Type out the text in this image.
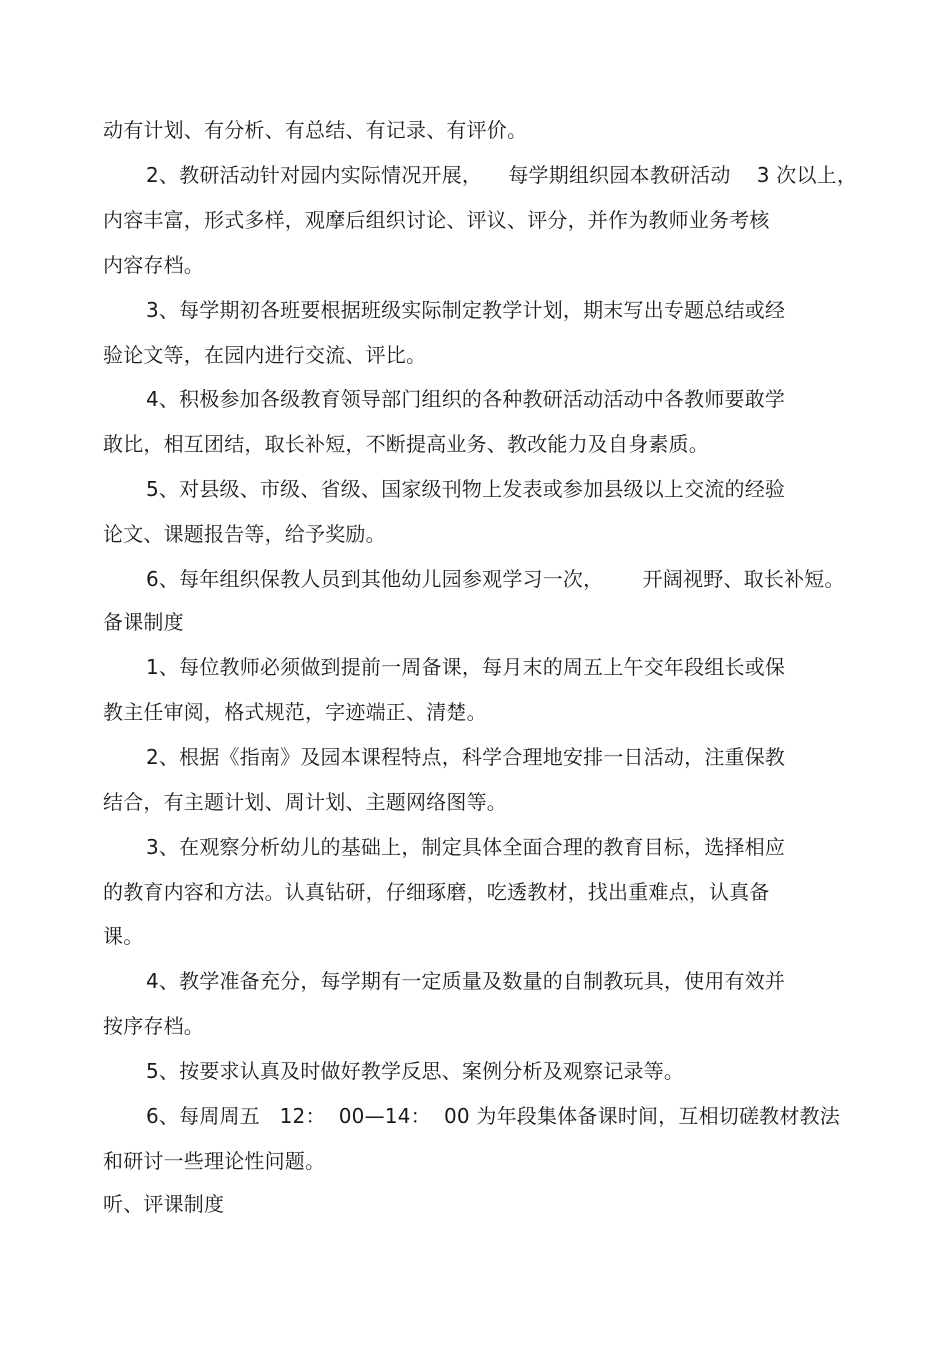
动有计划、有分析、有总结、有记录、有评价。
2、教研活动针对园内实际情况开展，    每学期组织园本教研活动    3 次以上，
内容丰富，形式多样，观摩后组织讨论、评议、评分，并作为教师业务考核
内容存档。
3、每学期初各班要根据班级实际制定教学计划，期末写出专题总结或经
验论文等，在园内进行交流、评比。
4、积极参加各级教育领导部门组织的各种教研活动活动中各教师要敢学
敢比，相互团结，取长补短，不断提高业务、教改能力及自身素质。
5、对县级、市级、省级、国家级刊物上发表或参加县级以上交流的经验
论文、课题报告等，给予奖励。
6、每年组织保教人员到其他幼儿园参观学习一次，      开阔视野、取长补短。
备课制度
1、每位教师必须做到提前一周备课，每月末的周五上午交年段组长或保
教主任审阅，格式规范，字迹端正、清楚。
2、根据《指南》及园本课程特点，科学合理地安排一日活动，注重保教
结合，有主题计划、周计划、主题网络图等。
3、在观察分析幼儿的基础上，制定具体全面合理的教育目标，选择相应
的教育内容和方法。认真钻研，仔细琢磨，吃透教材，找出重难点，认真备
课。
4、教学准备充分，每学期有一定质量及数量的自制教玩具，使用有效并
按序存档。
5、按要求认真及时做好教学反思、案例分析及观察记录等。
6、每周周五   12：  00—14：  00 为年段集体备课时间，互相切磋教材教法
和研讨一些理论性问题。
听、评课制度
